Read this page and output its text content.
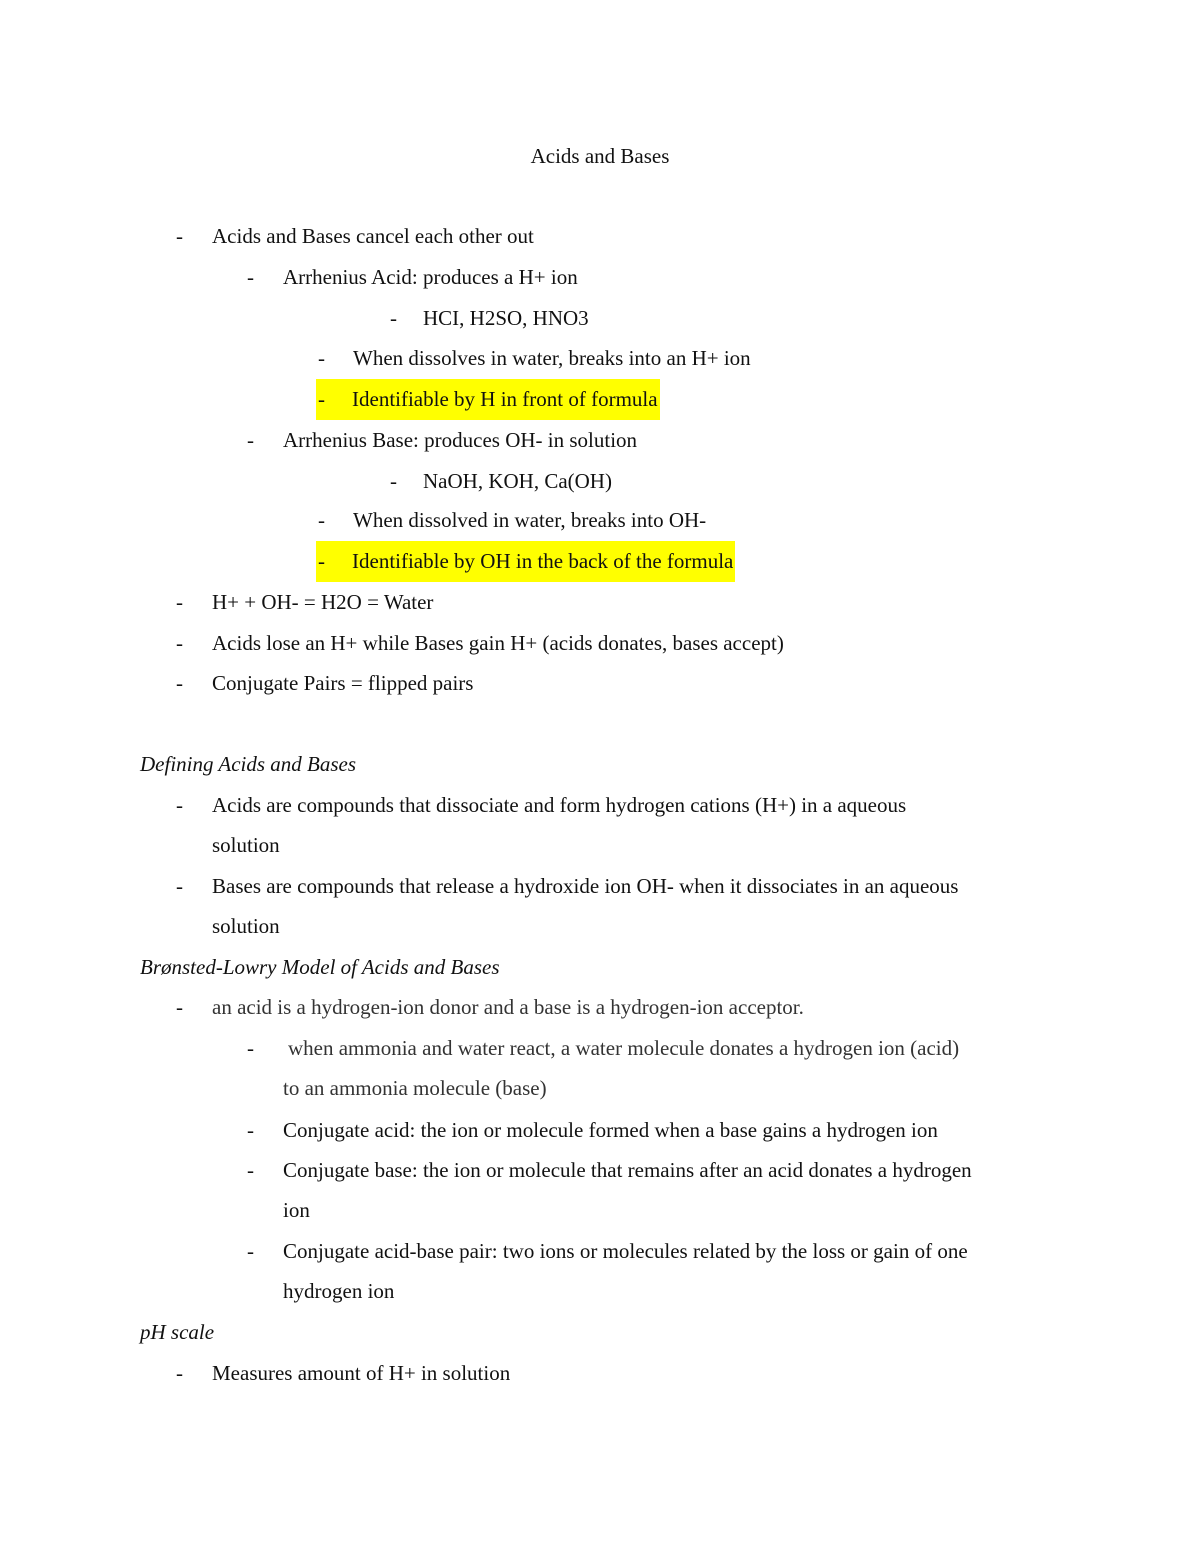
Acids and Bases
- Acids and Bases cancel each other out
- Arrhenius Acid: produces a H+ ion
- HCI, H2SO, HNO3
- When dissolves in water, breaks into an H+ ion
- Identifiable by H in front of formula
- Arrhenius Base: produces OH- in solution
- NaOH, KOH, Ca(OH)
- When dissolved in water, breaks into OH-
- Identifiable by OH in the back of the formula
- H+ + OH- = H2O = Water
- Acids lose an H+ while Bases gain H+ (acids donates, bases accept)
- Conjugate Pairs = flipped pairs
Defining Acids and Bases
- Acids are compounds that dissociate and form hydrogen cations (H+) in a aqueous
solution
- Bases are compounds that release a hydroxide ion OH- when it dissociates in an aqueous
solution
Brønsted-Lowry Model of Acids and Bases
- an acid is a hydrogen-ion donor and a base is a hydrogen-ion acceptor.
- when ammonia and water react, a water molecule donates a hydrogen ion (acid)
to an ammonia molecule (base)
- Conjugate acid: the ion or molecule formed when a base gains a hydrogen ion
- Conjugate base: the ion or molecule that remains after an acid donates a hydrogen
ion
- Conjugate acid-base pair: two ions or molecules related by the loss or gain of one
hydrogen ion
pH scale
- Measures amount of H+ in solution
